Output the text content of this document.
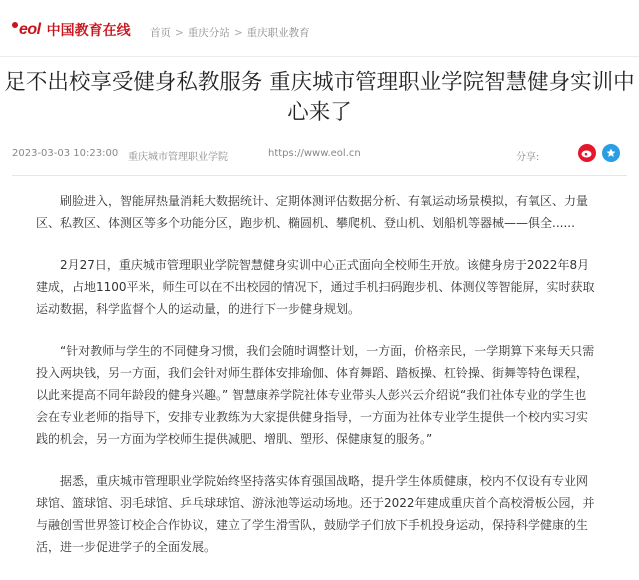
eol 中国教育在线 首页 > 重庆分站 > 重庆职业教育
足不出校享受健身私教服务 重庆城市管理职业学院智慧健身实训中心来了
2023-03-03 10:23:00 重庆城市管理职业学院	https://www.eol.cn	分享:

刷脸进入，智能屏热量消耗大数据统计、定期体测评估数据分析、有氧运动场景模拟，有氧区、力量区、私教区、体测区等多个功能分区，跑步机、椭圆机、攀爬机、登山机、划船机等器械——俱全......

2月27日，重庆城市管理职业学院智慧健身实训中心正式面向全校师生开放。该健身房于2022年8月建成，占地1100平米，师生可以在不出校园的情况下，通过手机扫码跑步机、体测仪等智能屏，实时获取运动数据，科学监督个人的运动量，的进行下一步健身规划。

“针对教师与学生的不同健身习惯，我们会随时调整计划，一方面，价格亲民，一学期算下来每天只需投入两块钱，另一方面，我们会针对师生群体安排瑜伽、体育舞蹈、踏板操、杠铃操、街舞等特色课程，以此来提高不同年龄段的健身兴趣。” 智慧康养学院社体专业带头人彭兴云介绍说“我们社体专业的学生也会在专业老师的指导下，安排专业教练为大家提供健身指导，一方面为社体专业学生提供一个校内实习实践的机会，另一方面为学校师生提供减肥、增肌、塑形、保健康复的服务。”

据悉，重庆城市管理职业学院始终坚持落实体育强国战略，提升学生体质健康，校内不仅设有专业网球馆、篮球馆、羽毛球馆、乒乓球球馆、游泳池等运动场地。还于2022年建成重庆首个高校滑板公园，并与融创雪世界签订校企合作协议，建立了学生滑雪队，鼓励学子们放下手机投身运动，保持科学健康的生活，进一步促进学子的全面发展。
